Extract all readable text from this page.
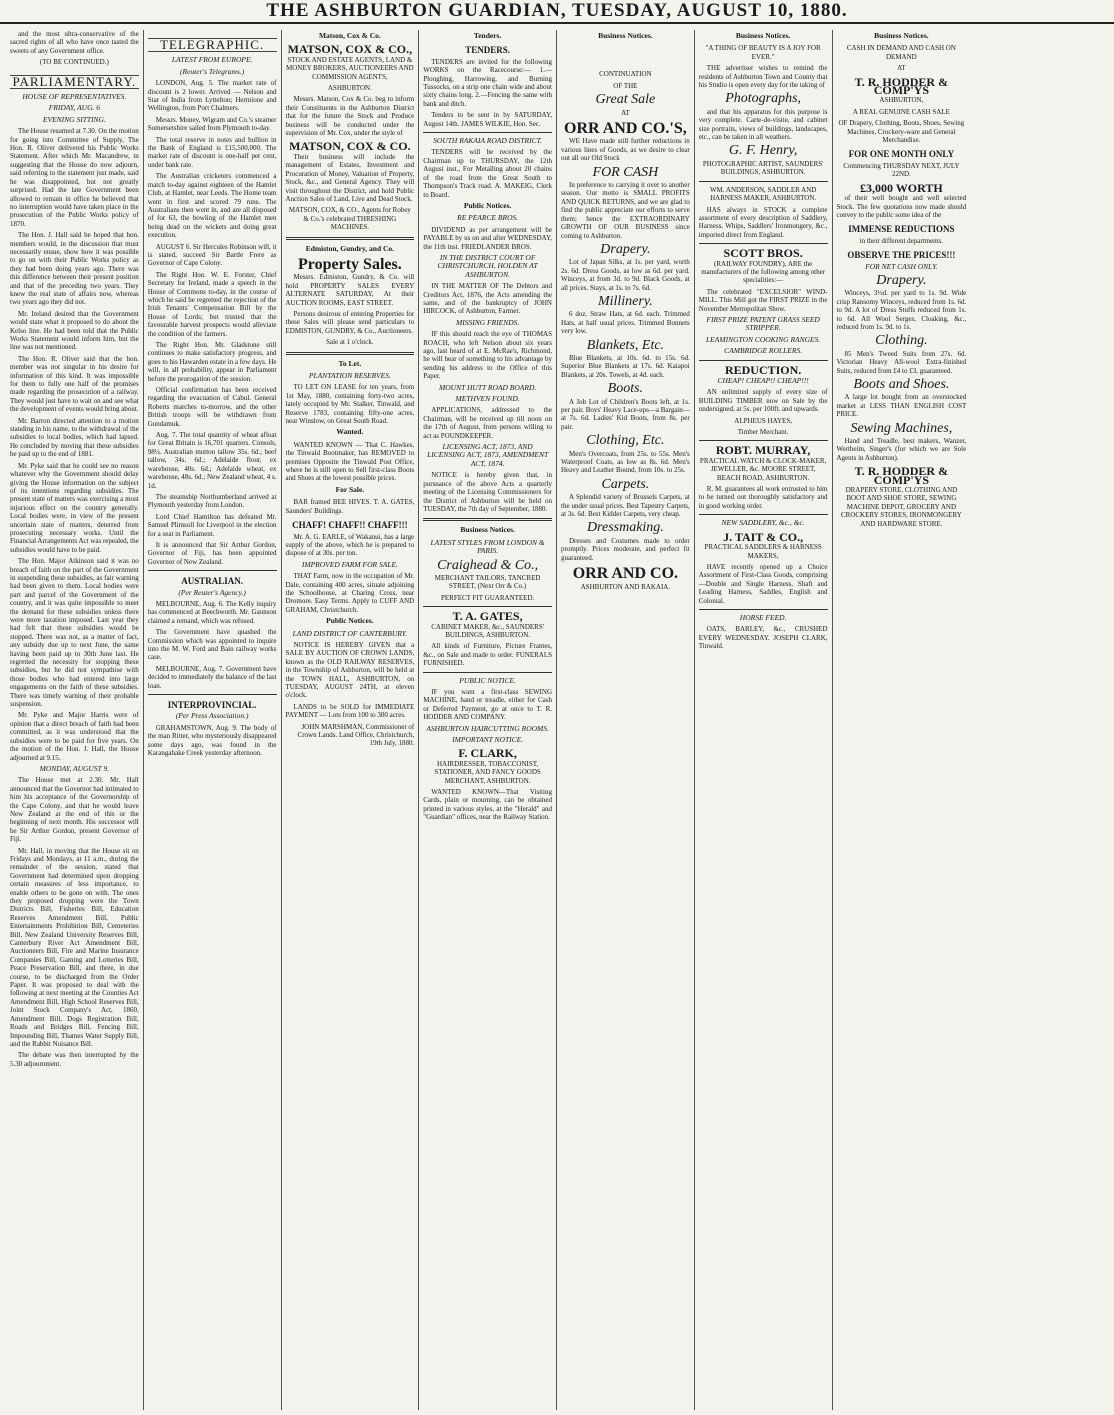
THE ASHBURTON GUARDIAN, TUESDAY, AUGUST 10, 1880.

and the most ultra-conservative of the sacred rights of all who have once tasted the sweets of any Government office.

(TO BE CONTINUED.)

PARLIAMENTARY.
HOUSE OF REPRESENTATIVES.
FRIDAY, AUG. 6
EVENING SITTING.

The House resumed at 7.30. On the motion for going into Committee of Supply, The Hon. R. Oliver delivered his Public Works Statement. After which Mr. Macandrew, in suggesting that the House do now adjourn, said referring to the statement just made, said he was disappointed, but not greatly surprised. Had the late Government been allowed to remain in office he believed that no interruption would have taken place in the prosecution of the Public Works policy of 1870.

The Hon. J. Hall said he hoped that hon. members would, in the discussion that must necessarily ensue, show how it was possible to go on with their Public Works policy as they had been doing years ago. There was this difference between their present position and that of the preceding two years. They knew the real state of affairs now, whereas two years ago they did not.

Mr. Ireland desired that the Government would state what it proposed to do about the Kelso line. He had been told that the Public Works Statement would inform him, but the line was not mentioned.

The Hon. R. Oliver said that the hon. member was not singular in his desire for information of this kind. It was impossible for them to fully one half of the promises made regarding the prosecution of a railway. They would just have to wait on and see what the development of events would bring about.

Mr. Barron directed attention to a motion standing in his name, to the withdrawal of the subsidies to local bodies, which had lapsed. He concluded by moving that these subsidies be paid up to the end of 1881.

Mr. Pyke said that he could see no reason whatever why the Government should delay giving the House information on the subject of its intentions regarding subsidies. The present state of matters was exercising a most injurious effect on the country generally. Local bodies were, in view of the present uncertain state of matters, deterred from prosecuting necessary works. Until the Financial Arrangements Act was repealed, the subsidies would have to be paid.

The Hon. Major Atkinson said it was no breach of faith on the part of the Government in suspending these subsidies, as fair warning had been given to them. Local bodies were part and parcel of the Government of the country, and it was quite impossible to meet the demand for these subsidies unless there were more taxation imposed. Last year they had felt that these subsidies would be stopped. There was not, as a matter of fact, any subsidy due up to next June, the same having been paid up to 30th June last. He regretted the necessity for stopping these subsidies, but he did not sympathise with those bodies who had entered into large engagements on the faith of these subsidies. There was timely warning of their probable suspension.

Mr. Pyke and Major Harris were of opinion that a direct breach of faith had been committed, as it was understood that the subsidies were to be paid for five years. On the motion of the Hon. J. Hall, the House adjourned at 9.15.

MONDAY, AUGUST 9.

The House met at 2.30. Mr. Hall announced that the Governor had intimated to him his acceptance of the Governorship of the Cape Colony, and that he would leave New Zealand at the end of this or the beginning of next month. His successor will be Sir Arthur Gordon, present Governor of Fiji.

Mr. Hall, in moving that the House sit on Fridays and Mondays, at 11 a.m., during the remainder of the session, stated that Government had determined upon dropping certain measures of less importance, to enable others to be gone on with. The ones they proposed dropping were the Town Districts Bill, Fisheries Bill, Education Reserves Amendment Bill, Public Entertainments Prohibition Bill, Cemeteries Bill, New Zealand University Reserves Bill, Canterbury River Act Amendment Bill, Auctioneers Bill, Fire and Marine Insurance Companies Bill, Gaming and Lotteries Bill, Peace Preservation Bill, and three, in due course, to be discharged from the Order Paper. It was proposed to deal with the following at next meeting at the Counties Act Amendment Bill, High School Reserves Bill, Joint Stock Company's Act, 1860, Amendment Bill, Dogs Registration Bill, Roads and Bridges Bill, Fencing Bill, Impounding Bill, Thames Water Supply Bill, and the Rabbit Nuisance Bill.

The debate was then interrupted by the 5.30 adjournment.

TELEGRAPHIC.
LATEST FROM EUROPE.
(Reuter's Telegrams.)

LONDON, Aug. 5. The market rate of discount is 2 lower. Arrived — Nelson and Star of India from Lyttelton; Hermione and Wellington, from Port Chalmers.

Messrs. Money, Wigram and Co.'s steamer Somersetshire sailed from Plymouth to-day.

The total reserve in notes and bullion in the Bank of England is £15,500,000. The market rate of discount is one-half per cent, under bank rate.

The Australian cricketers commenced a match to-day against eighteen of the Hamlet Club, at Hamlet, near Leeds. The Home team went in first and scored 79 runs. The Australians then went in, and are all disposed of for 63, the bowling of the Hamlet men being dead on the wickets and doing great execution.

AUGUST 6. Sir Hercules Robinson will, it is stated, succeed Sir Bartle Frere as Governor of Cape Colony.

The Right Hon. W. E. Forster, Chief Secretary for Ireland, made a speech in the House of Commons to-day, in the course of which he said he regretted the rejection of the Irish Tenants' Compensation Bill by the House of Lords; but trusted that the favourable harvest prospects would alleviate the condition of the farmers.

The Right Hon. Mr. Gladstone still continues to make satisfactory progress, and goes to his Hawarden estate in a few days. He will, in all probability, appear in Parliament before the prorogation of the session.

Official confirmation has been received regarding the evacuation of Cabul. General Roberts marches to-morrow, and the other British troops will be withdrawn from Gundamuk.

Aug. 7. The total quantity of wheat afloat for Great Britain is 16,701 quarters. Consols, 98¼. Australian mutton tallow 35s. 6d.; beef tallow, 34s. 6d.; Adelaide flour, ex warehouse, 40s. 6d.; Adelaide wheat, ex warehouse, 48s. 6d.; New Zealand wheat, 4 s. 1d.

The steamship Northumberland arrived at Plymouth yesterday from London.

Lord Chief Hamilton has defeated Mr. Samuel Plimsoll for Liverpool in the election for a seat in Parliament.

It is announced that Sir Arthur Gordon, Governor of Fiji, has been appointed Governor of New Zealand.

AUSTRALIAN.
(Per Reuter's Agency.)

MELBOURNE, Aug. 6. The Kelly inquiry has commenced at Beechworth. Mr. Gaunson claimed a remand, which was refused.

The Government have quashed the Commission which was appointed to inquire into the M. W. Ford and Bain railway works case.

MELBOURNE, Aug. 7. Government have decided to immediately the balance of the last loan.

INTERPROVINCIAL.
(Per Press Association.)

GRAHAMSTOWN, Aug. 9. The body of the man Ritter, who mysteriously disappeared some days ago, was found in the Karangahake Creek yesterday afternoon.

Matson, Cox & Co.
MATSON, COX & CO.,

STOCK AND ESTATE AGENTS, LAND & MONEY BROKERS, AUCTIONEERS AND COMMISSION AGENTS,

ASHBURTON.

Messrs. Matson, Cox & Co. beg to inform their Constituents in the Ashburton District that for the future the Stock and Produce business will be conducted under the supervision of Mr. Cox, under the style of

MATSON, COX & CO.

Their business will include the management of Estates, Investment and Procuration of Money, Valuation of Property, Stock, &c., and General Agency. They will visit throughout the District, and hold Public Auction Sales of Land, Live and Dead Stock.

MATSON, COX, & CO., Agents for Robey & Co.'s celebrated THRESHING MACHINES.

Edmiston, Gundry, and Co.
Property Sales.

Messrs. Edmiston, Gundry, & Co. will hold PROPERTY SALES EVERY ALTERNATE SATURDAY, At their AUCTION ROOMS, EAST STREET.

Persons desirous of entering Properties for these Sales will please send particulars to EDMISTON, GUNDRY, & Co., Auctioneers.

Sale at 1 o'clock.

To Let.
PLANTATION RESERVES.

TO LET ON LEASE for ten years, from 1st May, 1880, containing forty-two acres, lately occupied by Mr. Stalker, Tinwald, and Reserve 1783, containing fifty-one acres, near Winslow, on Great South Road.

Wanted.

WANTED KNOWN — That C. Hawkes, the Tinwald Bootmaker, has REMOVED to premises Opposite the Tinwald Post Office, where he is still open to Sell first-class Boots and Shoes at the lowest possible prices.

For Sale.

BAR framed BEE HIVES. T. A. GATES, Saunders' Buildings.

CHAFF! CHAFF!! CHAFF!!!

Mr. A. G. EARLE, of Wakanui, has a large supply of the above, which he is prepared to dispose of at 30s. per ton.

IMPROVED FARM FOR SALE.

THAT Farm, now in the occupation of Mr. Dale, containing 400 acres, situate adjoining the Schoolhouse, at Charing Cross, near Dromore. Easy Terms. Apply to CUFF AND GRAHAM, Christchurch.

Public Notices.
LAND DISTRICT OF CANTERBURY.

NOTICE IS HEREBY GIVEN that a SALE BY AUCTION OF CROWN LANDS, known as the OLD RAILWAY RESERVES, in the Township of Ashburton, will be held at the TOWN HALL, ASHBURTON, on TUESDAY, AUGUST 24TH, at eleven o'clock.

LANDS to be SOLD for IMMEDIATE PAYMENT — Lots from 100 to 300 acres.

JOHN MARSHMAN, Commissioner of Crown Lands. Land Office, Christchurch, 19th July, 1880.

Tenders.
TENDERS.

TENDERS are invited for the following WORKS on the Racecourse:— 1.—Ploughing, Harrowing, and Burning Tussocks, on a strip one chain wide and about sixty chains long. 2.—Fencing the same with bank and ditch.

Tenders to be sent in by SATURDAY, August 14th. JAMES WILKIE, Hon. Sec.

SOUTH RAKAIA ROAD DISTRICT.

TENDERS will be received by the Chairman up to THURSDAY, the 12th August inst., For Metalling about 20 chains of the road from the Great South to Thompson's Track road. A. MAKEIG, Clerk to Board.

Public Notices.
RE PEARCE BROS.

DIVIDEND as per arrangement will be PAYABLE by us on and after WEDNESDAY, the 11th inst. FRIEDLANDER BROS.

IN THE DISTRICT COURT OF CHRISTCHURCH, HOLDEN AT ASHBURTON.

IN THE MATTER OF The Debtors and Creditors Act, 1876, the Acts amending the same, and of the bankruptcy of JOHN HIRCOCK, of Ashburton, Farmer.

MISSING FRIENDS.

IF this should reach the eye of THOMAS ROACH, who left Nelson about six years ago, last heard of at E. McRae's, Richmond, he will hear of something to his advantage by sending his address to the Office of this Paper.

MOUNT HUTT ROAD BOARD.
METHVEN FOUND.

APPLICATIONS, addressed to the Chairman, will be received up till noon on the 17th of August, from persons willing to act as POUNDKEEPER.

LICENSING ACT, 1873, AND LICENSING ACT, 1873, AMENDMENT ACT, 1874.

NOTICE is hereby given that, in pursuance of the above Acts a quarterly meeting of the Licensing Commissioners for the District of Ashburton will be held on TUESDAY, the 7th day of September, 1880.

Business Notices.
LATEST STYLES FROM LONDON & PARIS.
Craighead & Co.,

MERCHANT TAILORS, TANCRED STREET, (Next Orr & Co.)

PERFECT FIT GUARANTEED.

T. A. GATES,

CABINET MAKER, &c., SAUNDERS' BUILDINGS, ASHBURTON.

All kinds of Furniture, Picture Frames, &c., on Sale and made to order. FUNERALS FURNISHED.

PUBLIC NOTICE.

IF you want a first-class SEWING MACHINE, hand or treadle, either for Cash or Deferred Payment, go at once to T. R. HODDER AND COMPANY.

ASHBURTON HAIRCUTTING ROOMS.
IMPORTANT NOTICE.
F. CLARK,

HAIRDRESSER, TOBACCONIST, STATIONER, AND FANCY GOODS MERCHANT, ASHBURTON.

WANTED KNOWN—That Visiting Cards, plain or mourning, can be obtained printed in various styles, at the "Herald" and "Guardian" offices, near the Railway Station.

Business Notices.

CONTINUATION

OF THE

Great Sale

AT

ORR AND CO.'S,

WE Have made still further reductions in various lines of Goods, as we desire to clear out all our Old Stock

FOR CASH

In preference to carrying it over to another season. Our motto is SMALL PROFITS AND QUICK RETURNS, and we are glad to find the public appreciate our efforts to serve them; hence the EXTRAORDINARY GROWTH OF OUR BUSINESS since coming to Ashburton.

Drapery.

Lot of Japan Silks, at 1s. per yard, worth 2s. 6d. Dress Goods, as low as 6d. per yard. Winceys, at from 3d. to 9d. Black Goods, at all prices. Stays, at 1s. to 7s. 6d.

Millinery.

6 doz. Straw Hats, at 6d. each. Trimmed Hats, at half usual prices. Trimmed Bonnets very low.

Blankets, Etc.

Blue Blankets, at 10s. 6d. to 15s. 6d. Superior Blue Blankets at 17s. 6d. Kaiapoi Blankets, at 20s. Towels, at 4d. each.

Boots.

A Job Lot of Children's Boots left, at 1s. per pair. Boys' Heavy Lace-ups—a Bargain—at 7s. 6d. Ladies' Kid Boots, from 8s. per pair.

Clothing, Etc.

Men's Overcoats, from 25s. to 55s. Men's Waterproof Coats, as low as 8s. 6d. Men's Heavy and Leather Bound, from 10s. to 25s.

Carpets.

A Splendid variety of Brussels Carpets, at the under usual prices. Best Tapestry Carpets, at 3s. 6d. Best Kidder Carpets, very cheap.

Dressmaking.

Dresses and Costumes made to order promptly. Prices moderate, and perfect fit guaranteed.

ORR AND CO.

ASHBURTON AND RAKAIA.

Business Notices.

"A THING OF BEAUTY IS A JOY FOR EVER."

THE advertiser wishes to remind the residents of Ashburton Town and County that his Studio is open every day for the taking of

Photographs,

and that his apparatus for this purpose is very complete. Carte-de-visite, and cabinet size portraits, views of buildings, landscapes, etc., can be taken in all weathers.

G. F. Henry,

PHOTOGRAPHIC ARTIST, SAUNDERS' BUILDINGS, ASHBURTON.

WM. ANDERSON, SADDLER AND HARNESS MAKER, ASHBURTON.

HAS always in STOCK a complete assortment of every description of Saddlery, Harness, Whips, Saddlers' Ironmongery, &c., imported direct from England.

SCOTT BROS.

(RAILWAY FOUNDRY), ARE the manufacturers of the following among other specialities:—

The celebrated "EXCELSIOR" WIND-MILL. This Mill got the FIRST PRIZE in the November Metropolitan Show.

FIRST PRIZE PATENT GRASS SEED STRIPPER.
LEAMINGTON COOKING RANGES.
CAMBRIDGE ROLLERS.
REDUCTION.
CHEAP! CHEAP!! CHEAP!!!

AN unlimited supply of every size of BUILDING TIMBER now on Sale by the undersigned, at 5s. per 100ft. and upwards.

ALPHEUS HAYES,

Timber Merchant.

ROBT. MURRAY,

PRACTICAL WATCH & CLOCK-MAKER, JEWELLER, &c. MOORE STREET, BEACH ROAD, ASHBURTON.

R. M. guarantees all work entrusted to him to be turned out thoroughly satisfactory and in good working order.

NEW SADDLERY, &c., &c.
J. TAIT & CO.,

PRACTICAL SADDLERS & HARNESS MAKERS,

HAVE recently opened up a Choice Assortment of First-Class Goods, comprising—Double and Single Harness, Shaft and Leading Harness, Saddles, English and Colonial.

HORSE FEED.

OATS, BARLEY, &c., CRUSHED EVERY WEDNESDAY. JOSEPH CLARK, Tinwald.

Business Notices.

CASH IN DEMAND AND CASH ON DEMAND

AT

T. R. HODDER & COMP'YS

ASHBURTON,

A REAL GENUINE CASH SALE

OF Drapery, Clothing, Boots, Shoes, Sewing Machines, Crockery-ware and General Merchandise.

FOR ONE MONTH ONLY

Commencing THURSDAY NEXT, JULY 22ND.

£3,000 WORTH

of their well bought and well selected Stock. The few quotations now made should convey to the public some idea of the

IMMENSE REDUCTIONS

in their different departments.

OBSERVE THE PRICES!!!
FOR NET CASH ONLY.
Drapery.

Winceys, 3½d. per yard to 1s. 9d. Wide crisp Ransomy Winceys, reduced from 1s. 6d. to 9d. A lot of Dress Stuffs reduced from 1s. to 6d. All Wool Serges, Cloaking, &c., reduced from 1s. 9d. to 1s.

Clothing.

85 Men's Tweed Suits from 27s. 6d. Victorian Heavy All-wool Extra-finished Suits, reduced from £4 to £3, guaranteed.

Boots and Shoes.

A large lot bought from an overstocked market at LESS THAN ENGLISH COST PRICE.

Sewing Machines,

Hand and Treadle, best makers, Wanzer, Wertheim, Singer's (for which we are Sole Agents in Ashburton).

T. R. HODDER & COMP'YS

DRAPERY STORE, CLOTHING AND BOOT AND SHOE STORE, SEWING MACHINE DEPOT, GROCERY AND CROCKERY STORES, IRONMONGERY AND HARDWARE STORE.
